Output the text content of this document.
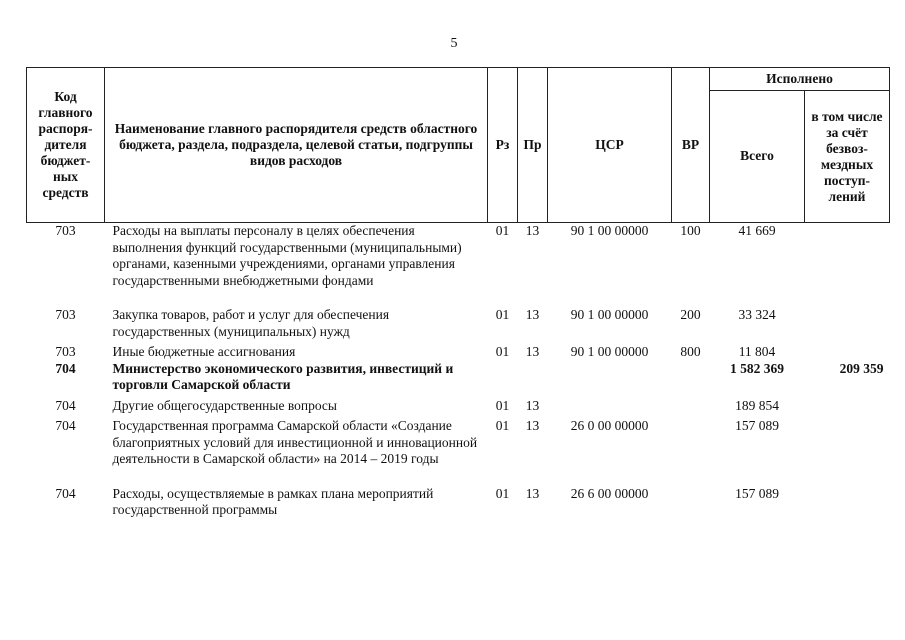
5
Код главного распоря-дителя бюджет-ных средств	Наименование главного распорядителя средств областного бюджета, раздела, подраздела, целевой статьи, подгруппы видов расходов	Рз	Пр	ЦСР	ВР	Исполнено	
						Всего	в том числе за счёт безвоз-мездных поступ-лений
703	Расходы на выплаты персоналу в целях обеспечения выполнения функций государственными (муниципальными) органами, казенными учреждениями, органами управления государственными внебюджетными фондами	01	13	90 1 00 00000	100	41 669	
703	Закупка товаров, работ и услуг для обеспечения государственных (муниципальных) нужд	01	13	90 1 00 00000	200	33 324	
703	Иные бюджетные ассигнования	01	13	90 1 00 00000	800	11 804	
704	Министерство экономического развития, инвестиций и торговли Самарской области					1 582 369	209 359
704	Другие общегосударственные вопросы	01	13			189 854	
704	Государственная программа Самарской области «Создание благоприятных условий для инвестиционной и инновационной деятельности в Самарской области» на 2014 – 2019 годы	01	13	26 0 00 00000		157 089	
704	Расходы, осуществляемые в рамках плана мероприятий государственной программы	01	13	26 6 00 00000		157 089	
